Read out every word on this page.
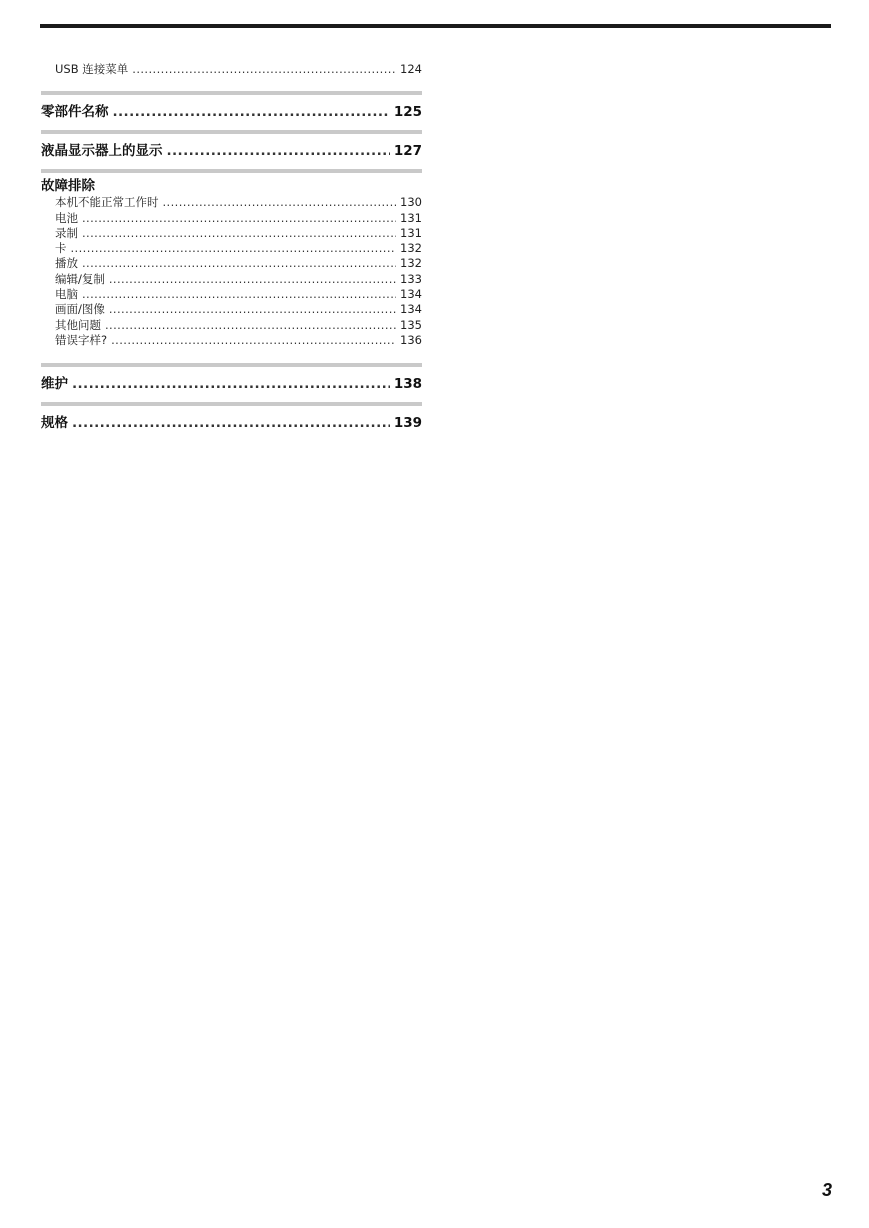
USB 连接菜单 .....	124
零部件名称 .....	125
液晶显示器上的显示 .....	127
故障排除
本机不能正常工作时 .....	130
电池 .....	131
录制 .....	131
卡 .....	132
播放 .....	132
编辑/复制 .....	133
电脑 .....	134
画面/图像 .....	134
其他问题 .....	135
错误字样? .....	136
维护 .....	138
规格 .....	139
3
